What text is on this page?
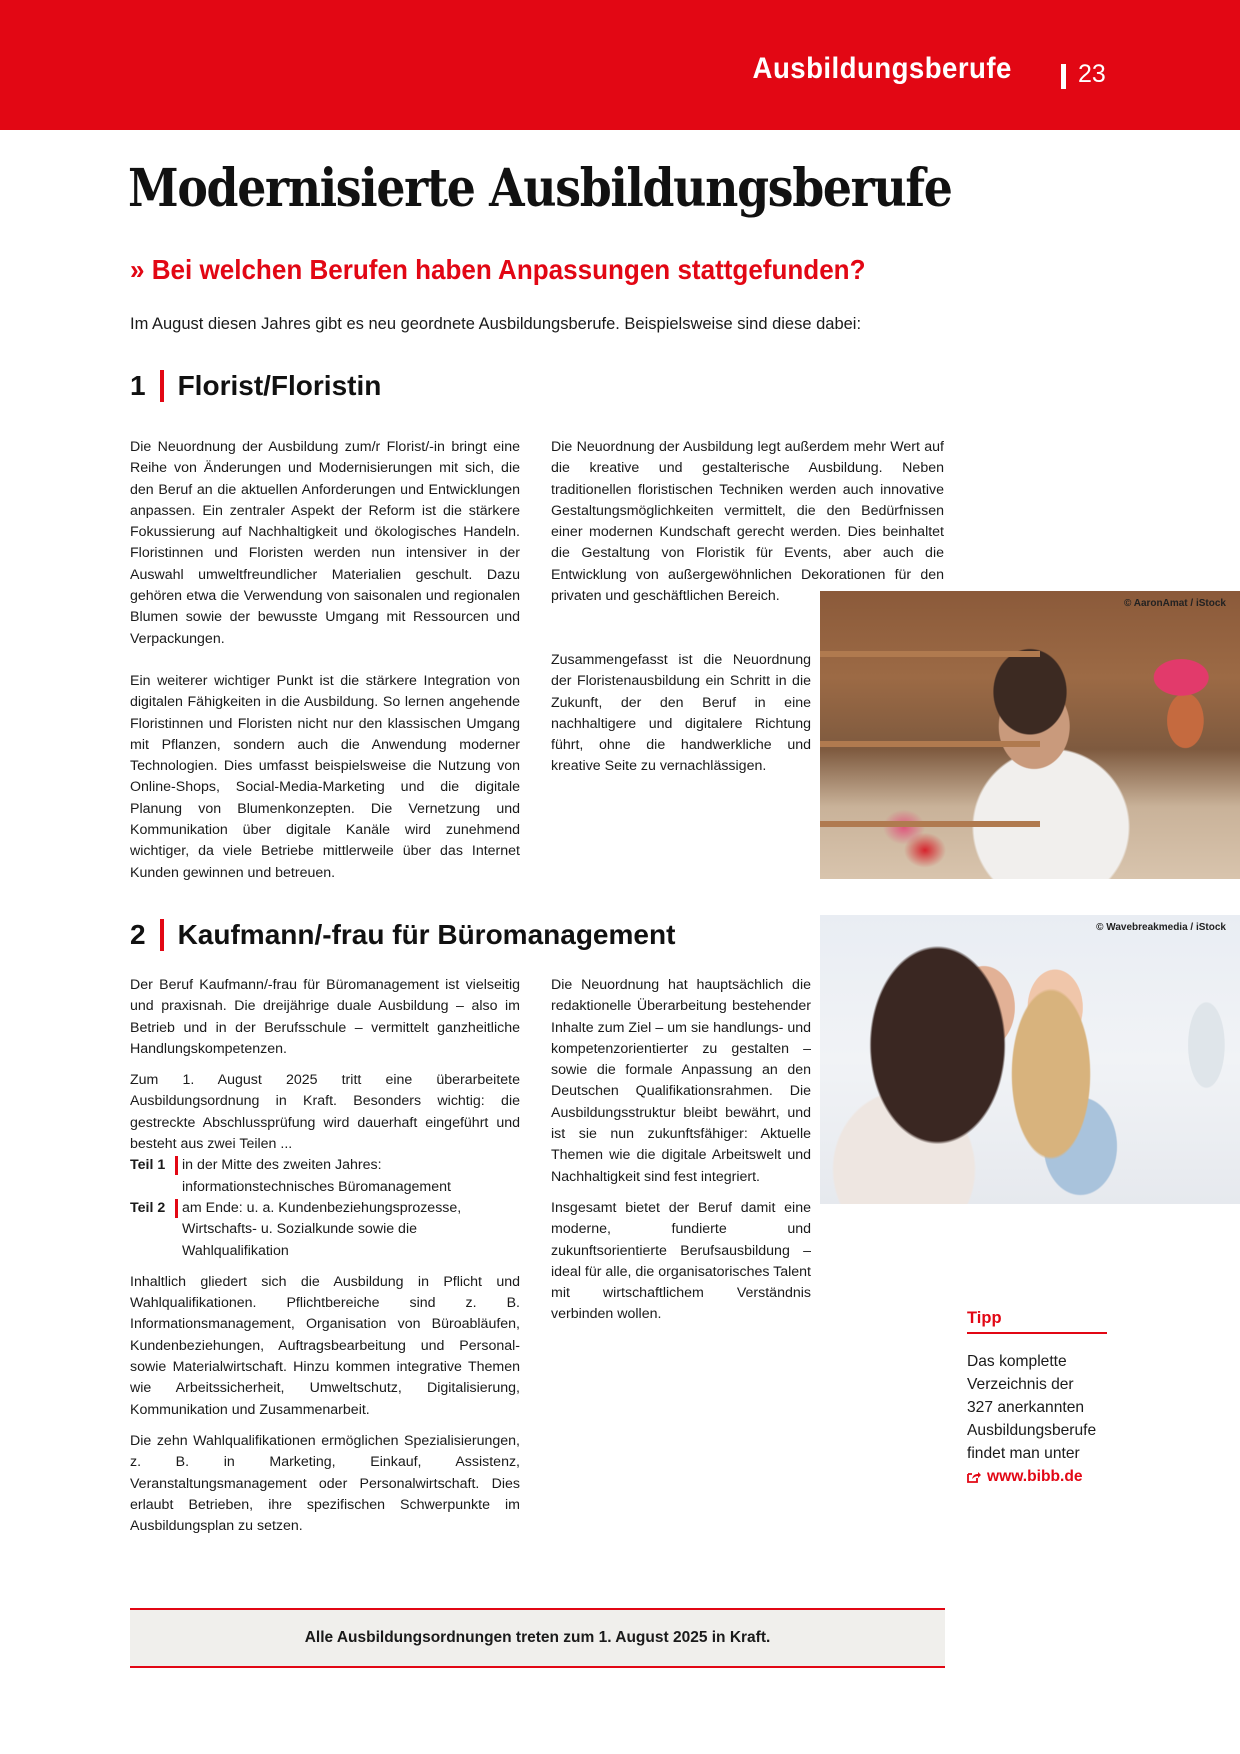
Ausbildungsberufe	23
Modernisierte Ausbildungsberufe
» Bei welchen Berufen haben Anpassungen stattgefunden?

Im August diesen Jahres gibt es neu geordnete Ausbildungsberufe. Beispielsweise sind diese dabei:

1 Florist/Floristin

Die Neuordnung der Ausbildung zum/r Florist/-in bringt eine Reihe von Änderungen und Modernisierungen mit sich, die den Beruf an die aktuellen Anforderungen und Entwicklungen anpassen. Ein zentraler Aspekt der Reform ist die stärkere Fokussierung auf Nachhaltigkeit und ökologisches Handeln. Floristinnen und Floristen werden nun intensiver in der Auswahl umweltfreundlicher Materialien geschult. Dazu gehören etwa die Verwendung von saisonalen und regionalen Blumen sowie der bewusste Umgang mit Ressourcen und Verpackungen.

Ein weiterer wichtiger Punkt ist die stärkere Integration von digitalen Fähigkeiten in die Ausbildung. So lernen angehende Floristinnen und Floristen nicht nur den klassischen Umgang mit Pflanzen, sondern auch die Anwendung moderner Technologien. Dies umfasst beispielsweise die Nutzung von Online-Shops, Social-Media-Marketing und die digitale Planung von Blumenkonzepten. Die Vernetzung und Kommunikation über digitale Kanäle wird zunehmend wichtiger, da viele Betriebe mittlerweile über das Internet Kunden gewinnen und betreuen.

Die Neuordnung der Ausbildung legt außerdem mehr Wert auf die kreative und gestalterische Ausbildung. Neben traditionellen floristischen Techniken werden auch innovative Gestaltungsmöglichkeiten vermittelt, die den Bedürfnissen einer modernen Kundschaft gerecht werden. Dies beinhaltet die Gestaltung von Floristik für Events, aber auch die Entwicklung von außergewöhnlichen Dekorationen für den privaten und geschäftlichen Bereich.

Zusammengefasst ist die Neuordnung der Floristenausbildung ein Schritt in die Zukunft, der den Beruf in eine nachhaltigere und digitalere Richtung führt, ohne die handwerkliche und kreative Seite zu vernachlässigen.

© AaronAmat / iStock
2 Kaufmann/-frau für Büromanagement

Der Beruf Kaufmann/-frau für Büromanagement ist vielseitig und praxisnah. Die dreijährige duale Ausbildung – also im Betrieb und in der Berufsschule – vermittelt ganzheitliche Handlungskompetenzen.

Zum 1. August 2025 tritt eine überarbeitete Ausbildungsordnung in Kraft. Besonders wichtig: die gestreckte Abschlussprüfung wird dauerhaft eingeführt und besteht aus zwei Teilen ...

Teil 1 in der Mitte des zweiten Jahres: informationstechnisches Büromanagement
Teil 2 am Ende: u. a. Kundenbeziehungsprozesse, Wirtschafts- u. Sozialkunde sowie die Wahlqualifikation

Inhaltlich gliedert sich die Ausbildung in Pflicht und Wahlqualifikationen. Pflichtbereiche sind z. B. Informationsmanagement, Organisation von Büroabläufen, Kundenbeziehungen, Auftragsbearbeitung und Personal- sowie Materialwirtschaft. Hinzu kommen integrative Themen wie Arbeitssicherheit, Umweltschutz, Digitalisierung, Kommunikation und Zusammenarbeit.

Die zehn Wahlqualifikationen ermöglichen Spezialisierungen, z. B. in Marketing, Einkauf, Assistenz, Veranstaltungsmanagement oder Personalwirtschaft. Dies erlaubt Betrieben, ihre spezifischen Schwerpunkte im Ausbildungsplan zu setzen.

Die Neuordnung hat hauptsächlich die redaktionelle Überarbeitung bestehender Inhalte zum Ziel – um sie handlungs- und kompetenzorientierter zu gestalten – sowie die formale Anpassung an den Deutschen Qualifikationsrahmen. Die Ausbildungsstruktur bleibt bewährt, und ist sie nun zukunftsfähiger: Aktuelle Themen wie die digitale Arbeitswelt und Nachhaltigkeit sind fest integriert.

Insgesamt bietet der Beruf damit eine moderne, fundierte und zukunftsorientierte Berufsausbildung – ideal für alle, die organisatorisches Talent mit wirtschaftlichem Verständnis verbinden wollen.

© Wavebreakmedia / iStock
Tipp
Das komplette
Verzeichnis der
327 anerkannten
Ausbildungsberufe
findet man unter
www.bibb.de
Alle Ausbildungsordnungen treten zum 1. August 2025 in Kraft.
